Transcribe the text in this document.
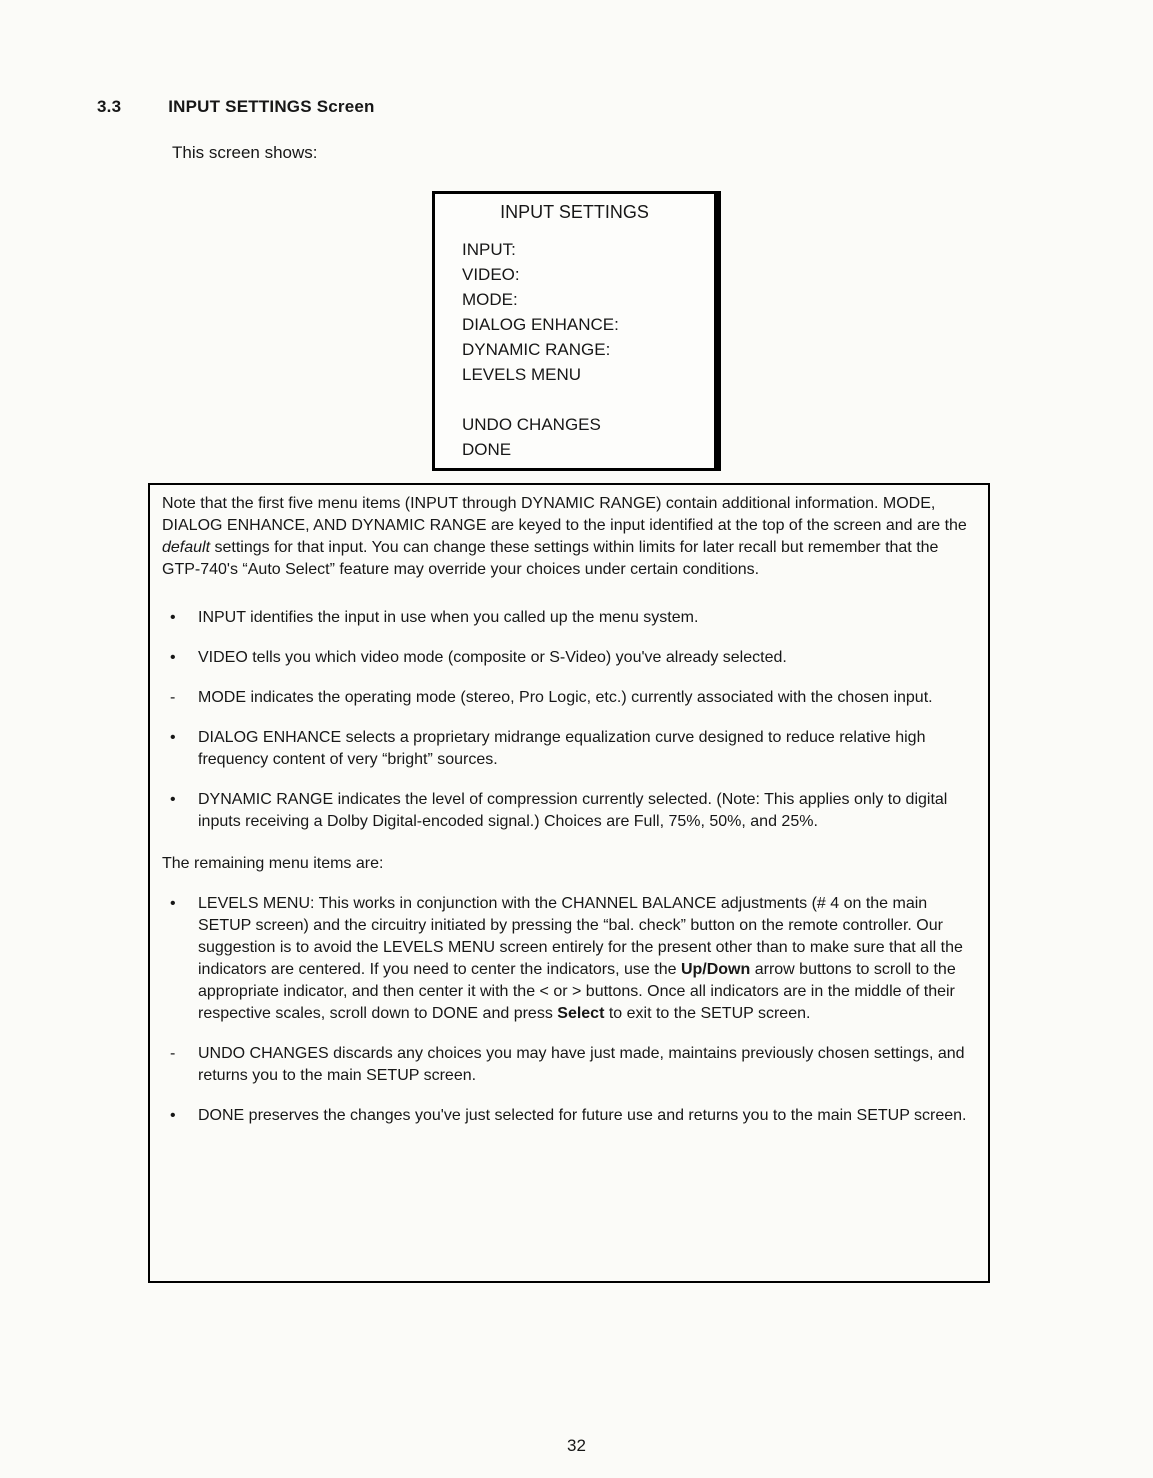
3.3	INPUT SETTINGS Screen
This screen shows:
INPUT SETTINGS
INPUT:
VIDEO:
MODE:
DIALOG ENHANCE:
DYNAMIC RANGE:
LEVELS MENU
UNDO CHANGES
DONE

Note that the first five menu items (INPUT through DYNAMIC RANGE) contain additional information. MODE, DIALOG ENHANCE, AND DYNAMIC RANGE are keyed to the input identified at the top of the screen and are the default settings for that input. You can change these settings within limits for later recall but remember that the GTP-740's “Auto Select” feature may override your choices under certain conditions.

•	INPUT identifies the input in use when you called up the menu system.
•	VIDEO tells you which video mode (composite or S-Video) you've already selected.
-	MODE indicates the operating mode (stereo, Pro Logic, etc.) currently associated with the chosen input.
•	DIALOG ENHANCE selects a proprietary midrange equalization curve designed to reduce relative high frequency content of very “bright” sources.
•	DYNAMIC RANGE indicates the level of compression currently selected. (Note: This applies only to digital inputs receiving a Dolby Digital-encoded signal.) Choices are Full, 75%, 50%, and 25%.
The remaining menu items are:
•	LEVELS MENU: This works in conjunction with the CHANNEL BALANCE adjustments (# 4 on the main SETUP screen) and the circuitry initiated by pressing the “bal. check” button on the remote controller. Our suggestion is to avoid the LEVELS MENU screen entirely for the present other than to make sure that all the indicators are centered. If you need to center the indicators, use the Up/Down arrow buttons to scroll to the appropriate indicator, and then center it with the < or > buttons. Once all indicators are in the middle of their respective scales, scroll down to DONE and press Select to exit to the SETUP screen.
-	UNDO CHANGES discards any choices you may have just made, maintains previously chosen settings, and returns you to the main SETUP screen.
•	DONE preserves the changes you've just selected for future use and returns you to the main SETUP screen.
32
